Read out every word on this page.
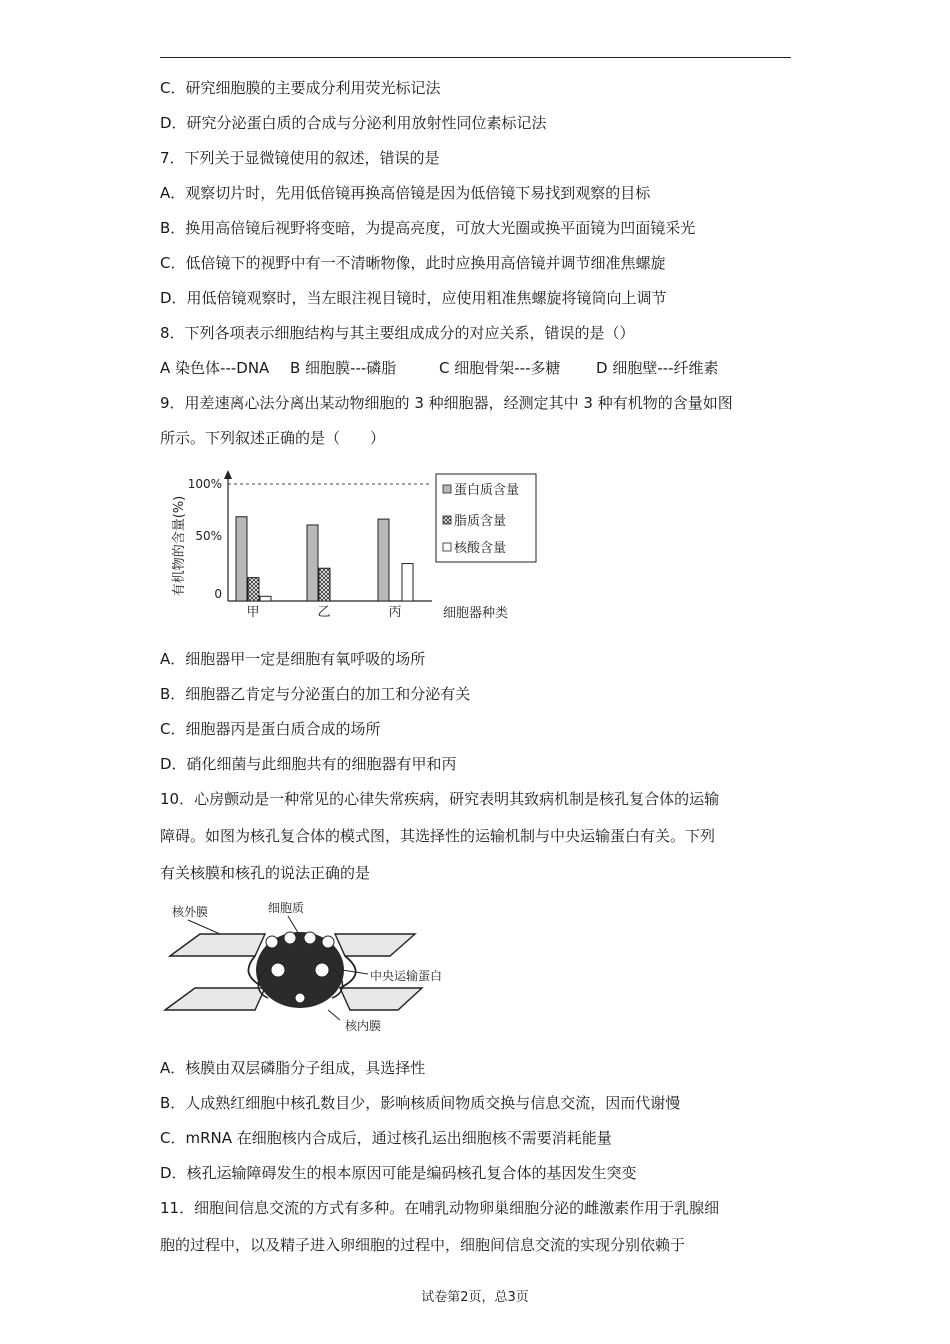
C．研究细胞膜的主要成分利用荧光标记法
D．研究分泌蛋白质的合成与分泌利用放射性同位素标记法
7．下列关于显微镜使用的叙述，错误的是
A．观察切片时，先用低倍镜再换高倍镜是因为低倍镜下易找到观察的目标
B．换用高倍镜后视野将变暗，为提高亮度，可放大光圈或换平面镜为凹面镜采光
C．低倍镜下的视野中有一不清晰物像，此时应换用高倍镜并调节细准焦螺旋
D．用低倍镜观察时，当左眼注视目镜时，应使用粗准焦螺旋将镜筒向上调节
8．下列各项表示细胞结构与其主要组成成分的对应关系，错误的是（）
A 染色体---DNA B 细胞膜---磷脂	C 细胞骨架---多糖 D 细胞壁---纤维素
9．用差速离心法分离出某动物细胞的 3 种细胞器，经测定其中 3 种有机物的含量如图
所示。下列叙述正确的是（　　）
有机物的含量(%)
100%
50%
0
甲	乙	丙	细胞器种类
蛋白质含量
脂质含量
核酸含量
A．细胞器甲一定是细胞有氧呼吸的场所
B．细胞器乙肯定与分泌蛋白的加工和分泌有关
C．细胞器丙是蛋白质合成的场所
D．硝化细菌与此细胞共有的细胞器有甲和丙
10．心房颤动是一种常见的心律失常疾病，研究表明其致病机制是核孔复合体的运输
障碍。如图为核孔复合体的模式图，其选择性的运输机制与中央运输蛋白有关。下列
有关核膜和核孔的说法正确的是
核外膜	细胞质
中央运输蛋白
核内膜
A．核膜由双层磷脂分子组成，具选择性
B．人成熟红细胞中核孔数目少，影响核质间物质交换与信息交流，因而代谢慢
C．mRNA 在细胞核内合成后，通过核孔运出细胞核不需要消耗能量
D．核孔运输障碍发生的根本原因可能是编码核孔复合体的基因发生突变
11．细胞间信息交流的方式有多种。在哺乳动物卵巢细胞分泌的雌激素作用于乳腺细
胞的过程中，以及精子进入卵细胞的过程中，细胞间信息交流的实现分别依赖于
试卷第2页，总3页
